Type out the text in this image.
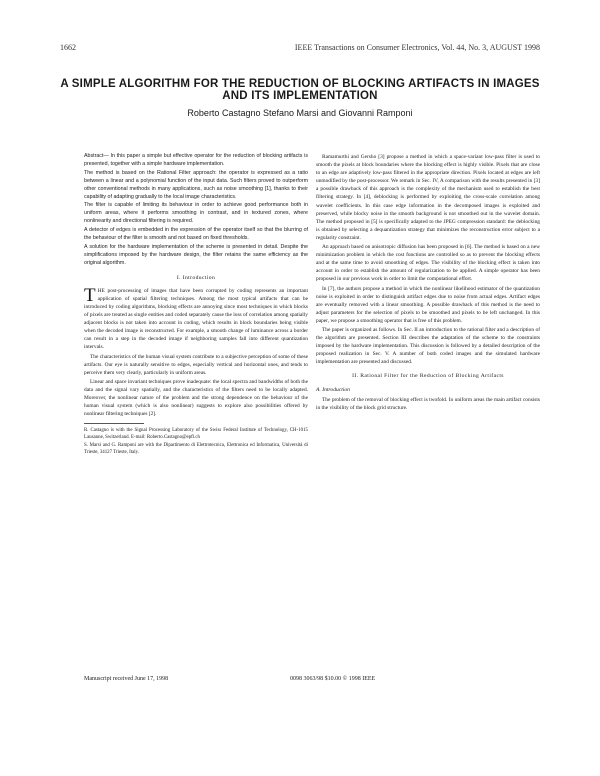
1662	IEEE Transactions on Consumer Electronics, Vol. 44, No. 3, AUGUST 1998
A SIMPLE ALGORITHM FOR THE REDUCTION OF BLOCKING ARTIFACTS IN IMAGES AND ITS IMPLEMENTATION
Roberto Castagno Stefano Marsi and Giovanni Ramponi

Abstract— In this paper a simple but effective operator for the reduction of blocking artifacts is presented, together with a simple hardware implementation.

The method is based on the Rational Filter approach: the operator is expressed as a ratio between a linear and a polynomial function of the input data. Such filters proved to outperform other conventional methods in many applications, such as noise smoothing [1], thanks to their capability of adapting gradually to the local image characteristics.

The filter is capable of limiting its behaviour in order to achieve good performance both in uniform areas, where it performs smoothing in contrast, and in textured zones, where nonlinearity and directional filtering is required.

A detector of edges is embedded in the expression of the operator itself so that the blurring of the behaviour of the filter is smooth and not based on fixed thresholds.

A solution for the hardware implementation of the scheme is presented in detail. Despite the simplifications imposed by the hardware design, the filter retains the same efficiency as the original algorithm.

I. Introduction

THE post-processing of images that have been corrupted by coding represents an important application of spatial filtering techniques. Among the most typical artifacts that can be introduced by coding algorithms, blocking effects are annoying since most techniques in which blocks of pixels are treated as single entities and coded separately cause the loss of correlation among spatially adjacent blocks is not taken into account in coding, which results in block boundaries being visible when the decoded image is reconstructed. For example, a smooth change of luminance across a border can result in a step in the decoded image if neighboring samples fall into different quantization intervals.

The characteristics of the human visual system contribute to a subjective perception of some of these artifacts. Our eye is naturally sensitive to edges, especially vertical and horizontal ones, and tends to perceive them very clearly, particularly in uniform areas.

Linear and space invariant techniques prove inadequate: the local spectra and bandwidths of both the data and the signal vary spatially, and the characteristics of the filters need to be locally adapted. Moreover, the nonlinear nature of the problem and the strong dependence on the behaviour of the human visual system (which is also nonlinear) suggests to explore also possibilities offered by nonlinear filtering techniques [2].

R. Castagno is with the Signal Processing Laboratory of the Swiss Federal Institute of Technology, CH-1015 Lausanne, Switzerland. E-mail: Roberto.Castagno@epfl.ch

S. Marsi and G. Ramponi are with the Dipartimento di Elettrotecnica, Elettronica ed Informatica, Università di Trieste, 34127 Trieste, Italy.

Ramamurthi and Gersho [3] propose a method in which a space-variant low-pass filter is used to smooth the pixels at block boundaries where the blocking effect is highly visible. Pixels that are close to an edge are adaptively low-pass filtered in the appropriate direction. Pixels located at edges are left unmodified by the post-processor. We remark in Sec. IV, A comparison with the results presented in [3] a possible drawback of this approach is the complexity of the mechanism used to establish the best filtering strategy. In [4], deblocking is performed by exploiting the cross-scale correlation among wavelet coefficients. In this case edge information in the decomposed images is exploited and preserved, while blocky noise in the smooth background is not smoothed out in the wavelet domain. The method proposed in [5] is specifically adapted to the JPEG compression standard: the deblocking is obtained by selecting a dequantization strategy that minimizes the reconstruction error subject to a regularity constraint.

An approach based on anisotropic diffusion has been proposed in [6]. The method is based on a new minimization problem in which the cost functions are controlled so as to prevent the blocking effects and at the same time to avoid smoothing of edges. The visibility of the blocking effect is taken into account in order to establish the amount of regularization to be applied. A simple operator has been proposed in our previous work in order to limit the computational effort.

In [7], the authors propose a method in which the nonlinear likelihood estimator of the quantization noise is exploited in order to distinguish artifact edges due to noise from actual edges. Artifact edges are eventually removed with a linear smoothing. A possible drawback of this method is the need to adjust parameters for the selection of pixels to be smoothed and pixels to be left unchanged. In this paper, we propose a smoothing operator that is free of this problem.

The paper is organized as follows. In Sec. II an introduction to the rational filter and a description of the algorithm are presented. Section III describes the adaptation of the scheme to the constraints imposed by the hardware implementation. This discussion is followed by a detailed description of the proposed realization in Sec. V. A number of both coded images and the simulated hardware implementation are presented and discussed.

II. Rational Filter for the Reduction of Blocking Artifacts
A. Introduction

The problem of the removal of blocking effect is twofold. In uniform areas the main artifact consists in the visibility of the block grid structure.

Manuscript received June 17, 1998	0098 3063/98 $10.00 © 1998 IEEE
